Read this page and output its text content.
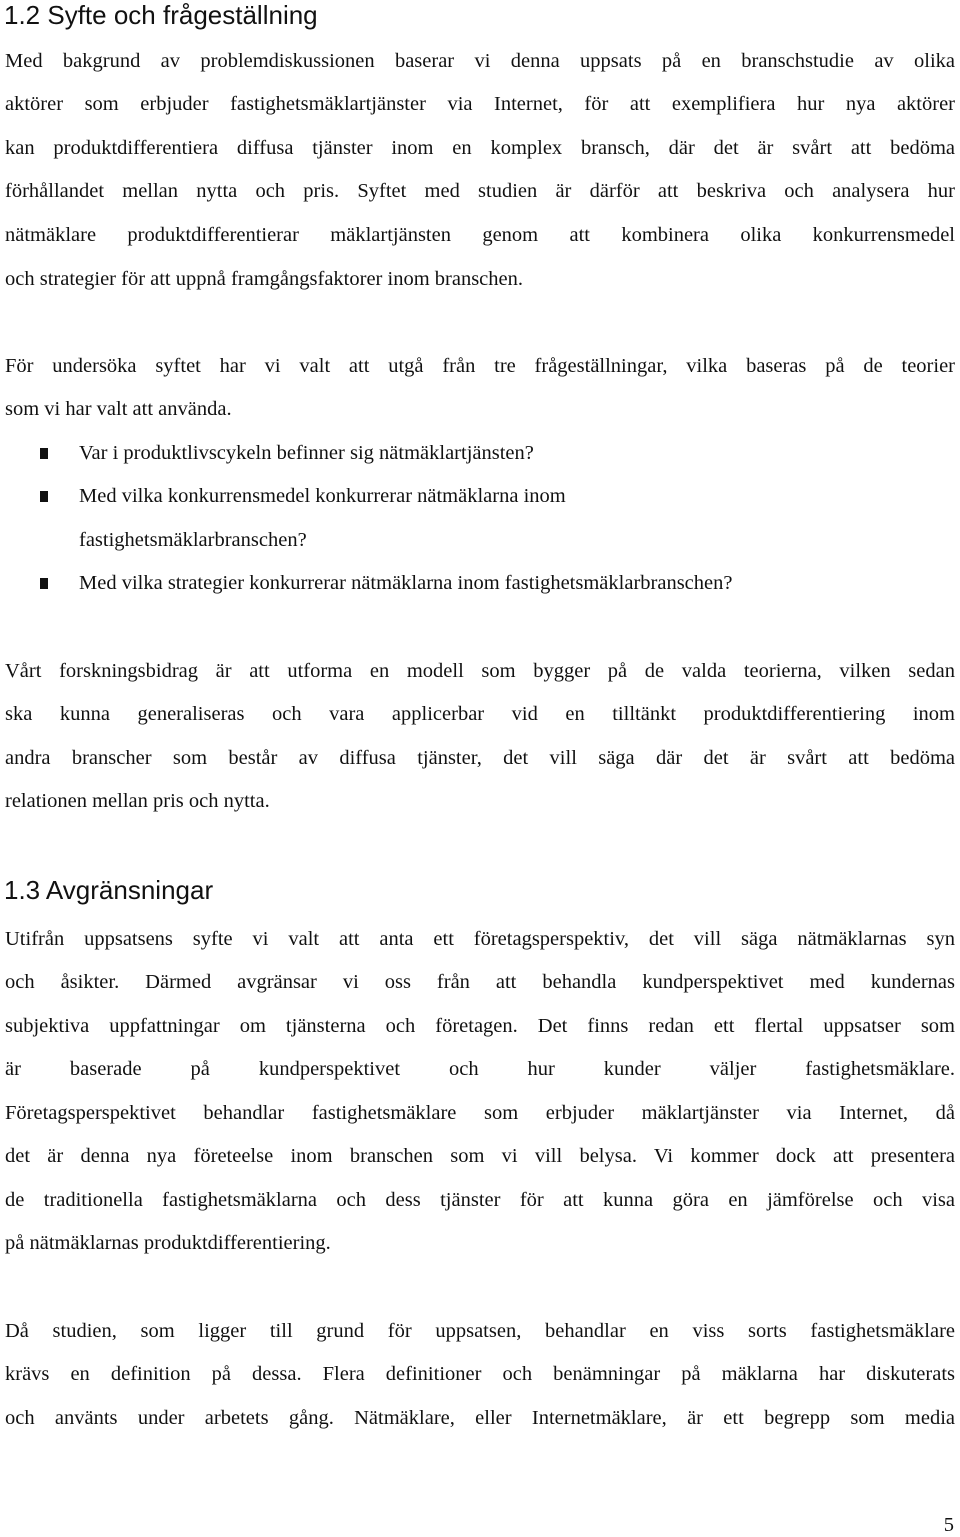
1.2 Syfte och frågeställning

Med bakgrund av problemdiskussionen baserar vi denna uppsats på en branschstudie av olika

aktörer som erbjuder fastighetsmäklartjänster via Internet, för att exemplifiera hur nya aktörer

kan produktdifferentiera diffusa tjänster inom en komplex bransch, där det är svårt att bedöma

förhållandet mellan nytta och pris. Syftet med studien är därför att beskriva och analysera hur

nätmäklare produktdifferentierar mäklartjänsten genom att kombinera olika konkurrensmedel

och strategier för att uppnå framgångsfaktorer inom branschen.

För undersöka syftet har vi valt att utgå från tre frågeställningar, vilka baseras på de teorier

som vi har valt att använda.

Var i produktlivscykeln befinner sig nätmäklartjänsten?

Med vilka konkurrensmedel konkurrerar nätmäklarna inom

fastighetsmäklarbranschen?

Med vilka strategier konkurrerar nätmäklarna inom fastighetsmäklarbranschen?

Vårt forskningsbidrag är att utforma en modell som bygger på de valda teorierna, vilken sedan

ska kunna generaliseras och vara applicerbar vid en tilltänkt produktdifferentiering inom

andra branscher som består av diffusa tjänster, det vill säga där det är svårt att bedöma

relationen mellan pris och nytta.

1.3 Avgränsningar

Utifrån uppsatsens syfte vi valt att anta ett företagsperspektiv, det vill säga nätmäklarnas syn

och åsikter. Därmed avgränsar vi oss från att behandla kundperspektivet med kundernas

subjektiva uppfattningar om tjänsterna och företagen. Det finns redan ett flertal uppsatser som

är baserade på kundperspektivet och hur kunder väljer fastighetsmäklare.

Företagsperspektivet behandlar fastighetsmäklare som erbjuder mäklartjänster via Internet, då

det är denna nya företeelse inom branschen som vi vill belysa. Vi kommer dock att presentera

de traditionella fastighetsmäklarna och dess tjänster för att kunna göra en jämförelse och visa

på nätmäklarnas produktdifferentiering.

Då studien, som ligger till grund för uppsatsen, behandlar en viss sorts fastighetsmäklare

krävs en definition på dessa. Flera definitioner och benämningar på mäklarna har diskuterats

och använts under arbetets gång. Nätmäklare, eller Internetmäklare, är ett begrepp som media

5
